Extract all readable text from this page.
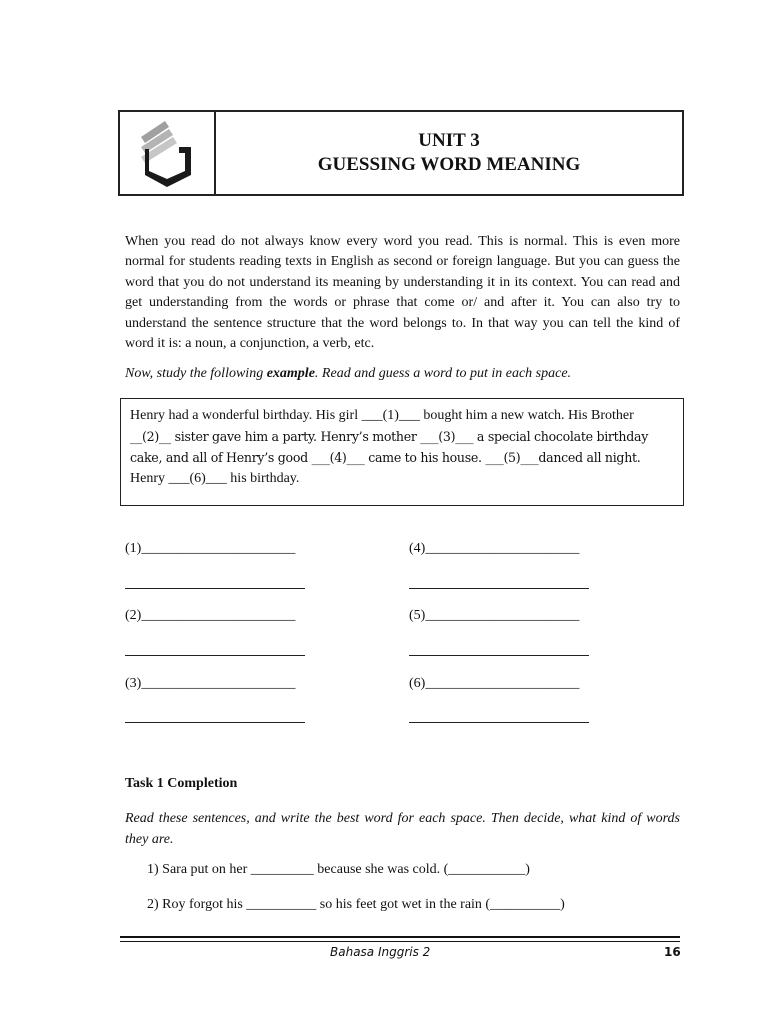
UNIT 3
GUESSING WORD MEANING

When you read do not always know every word you read. This is normal. This is even more normal for students reading texts in English as second or foreign language. But you can guess the word that you do not understand its meaning by understanding it in its context. You can read and get understanding from the words or phrase that come or/ and after it. You can also try to understand the sentence structure that the word belongs to. In that way you can tell the kind of word it is: a noun, a conjunction, a verb, etc.

Now, study the following example. Read and guess a word to put in each space.

Henry had a wonderful birthday. His girl ___(1)___ bought him a new watch. His Brother
__(2)__ sister gave him a party. Henry’s mother ___(3)___ a special chocolate birthday
cake, and all of Henry’s good ___(4)___ came to his house. ___(5)___danced all night.
Henry ___(6)___ his birthday.
(1)______________________	(4)______________________
(2)______________________	(5)______________________
(3)______________________	(6)______________________

Task 1 Completion

Read these sentences, and write the best word for each space. Then decide, what kind of words they are.

1) Sara put on her _________ because she was cold. (___________)
2) Roy forgot his __________ so his feet got wet in the rain (__________)
Bahasa Inggris 2	16
